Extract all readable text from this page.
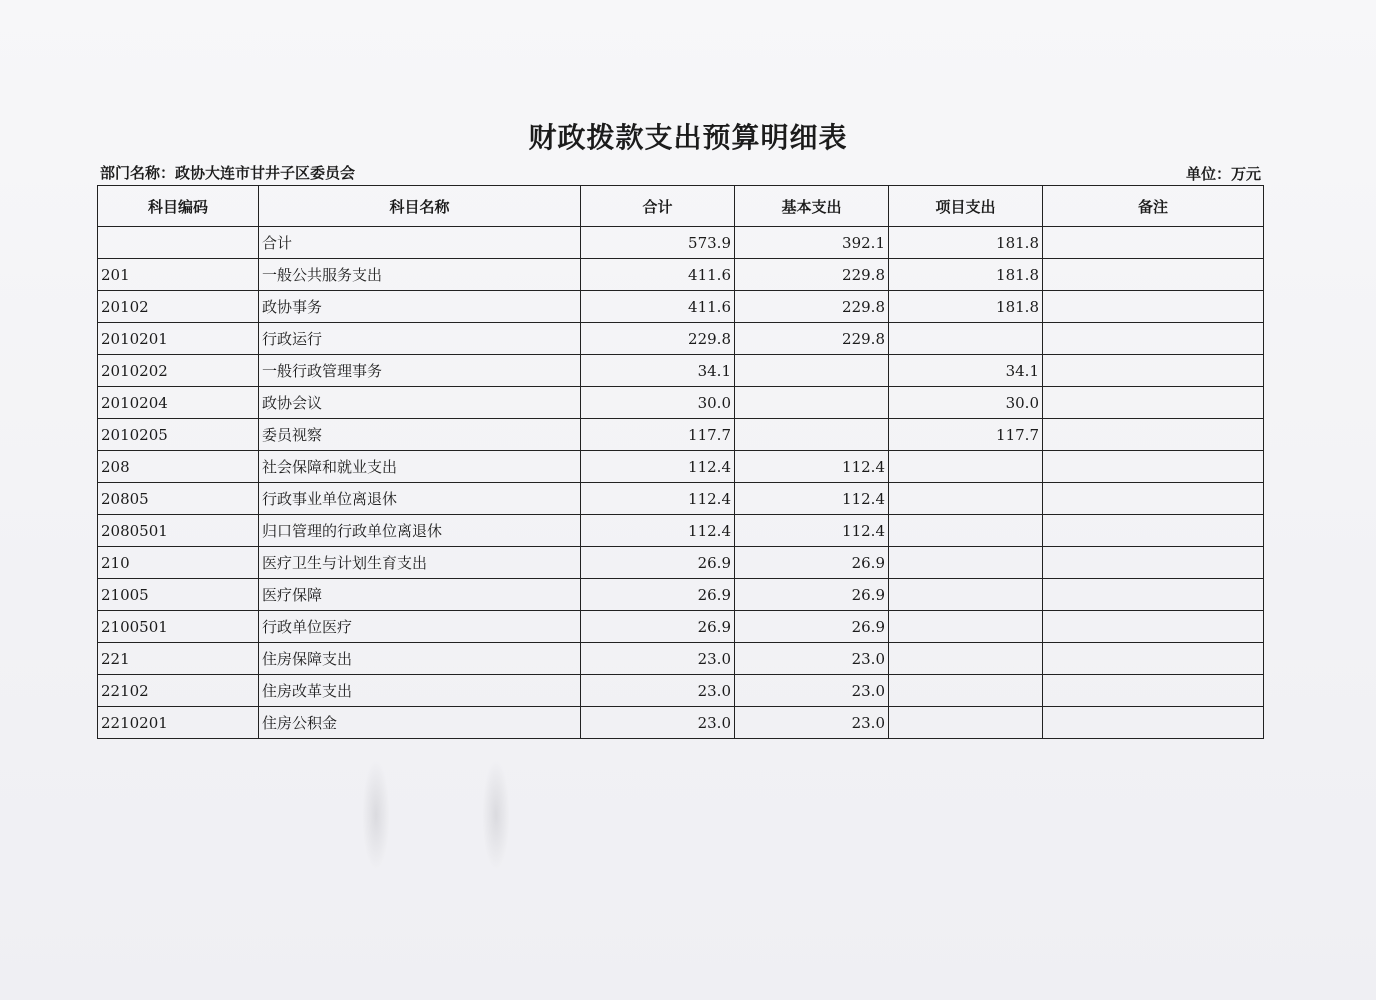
财政拨款支出预算明细表
部门名称：政协大连市甘井子区委员会	单位：万元
科目编码	科目名称	合计	基本支出	项目支出	备注
	合计	573.9	392.1	181.8	
201	一般公共服务支出	411.6	229.8	181.8	
20102	政协事务	411.6	229.8	181.8	
2010201	行政运行	229.8	229.8		
2010202	一般行政管理事务	34.1		34.1	
2010204	政协会议	30.0		30.0	
2010205	委员视察	117.7		117.7	
208	社会保障和就业支出	112.4	112.4		
20805	行政事业单位离退休	112.4	112.4		
2080501	归口管理的行政单位离退休	112.4	112.4		
210	医疗卫生与计划生育支出	26.9	26.9		
21005	医疗保障	26.9	26.9		
2100501	行政单位医疗	26.9	26.9		
221	住房保障支出	23.0	23.0		
22102	住房改革支出	23.0	23.0		
2210201	住房公积金	23.0	23.0		
